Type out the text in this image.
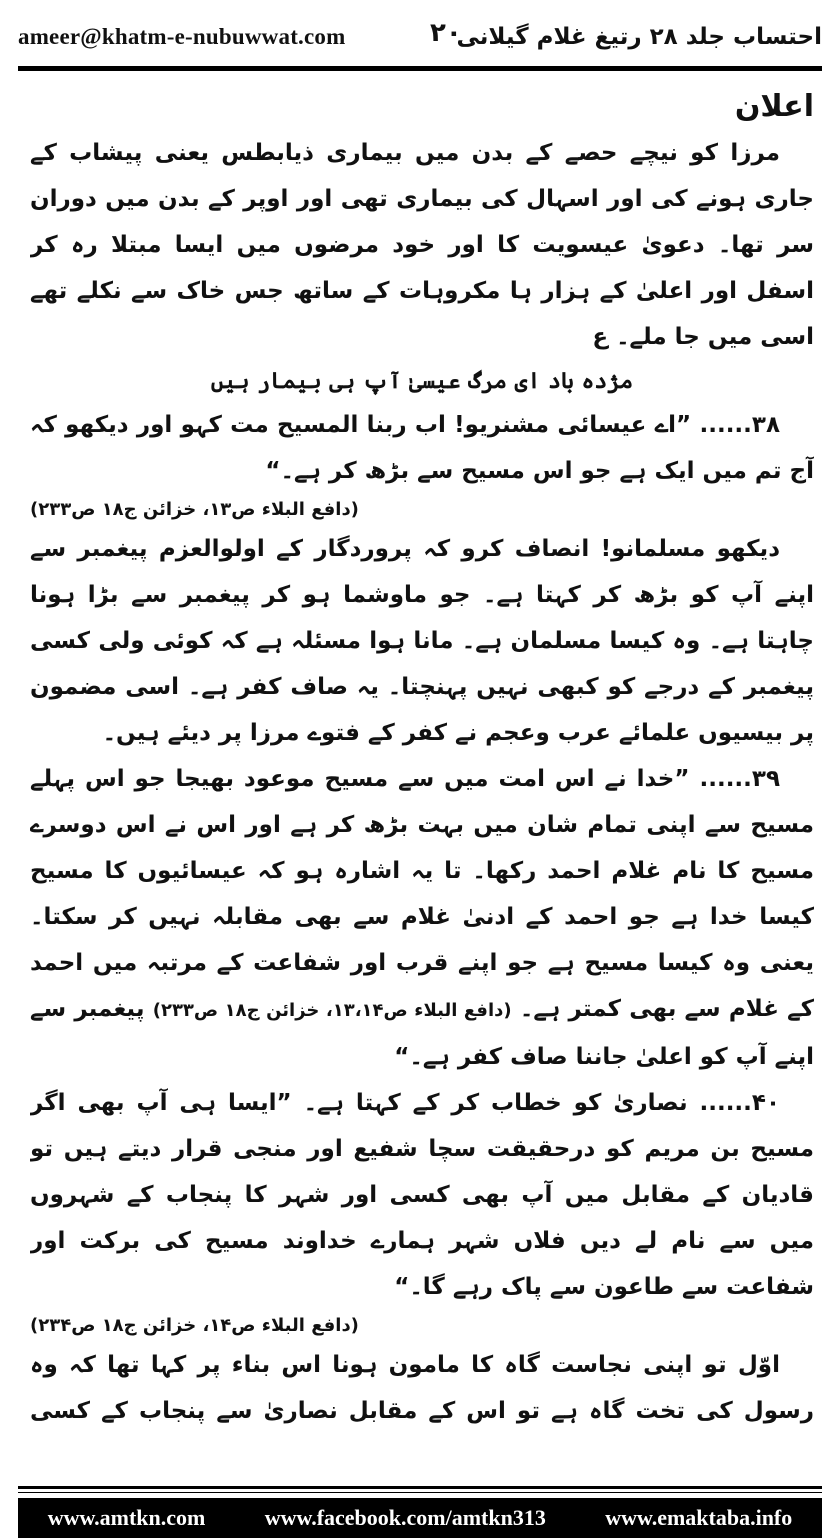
ameer@khatm-e-nubuwwat.com	۲۰
احتساب جلد ۲۸ رتیغ غلام گیلانی

اعلان

مرزا کو نیچے حصے کے بدن میں بیماری ذیابطس یعنی پیشاب کے جاری ہونے کی اور اسہال کی بیماری تھی اور اوپر کے بدن میں دوران سر تھا۔ دعویٰ عیسویت کا اور خود مرضوں میں ایسا مبتلا رہ کر اسفل اور اعلیٰ کے ہزار ہا مکروہات کے ساتھ جس خاک سے نکلے تھے اسی میں جا ملے۔ ع

مژدہ باد ای مرگ عیسیٰ آپ ہی بیمار ہیں

۳۸...... ”اے عیسائی مشنریو! اب ربنا المسیح مت کہو اور دیکھو کہ آج تم میں ایک ہے جو اس مسیح سے بڑھ کر ہے۔“
(دافع البلاء ص۱۳، خزائن ج۱۸ ص۲۳۳)

دیکھو مسلمانو! انصاف کرو کہ پروردگار کے اولوالعزم پیغمبر سے اپنے آپ کو بڑھ کر کہتا ہے۔ جو ماوشما ہو کر پیغمبر سے بڑا ہونا چاہتا ہے۔ وہ کیسا مسلمان ہے۔ مانا ہوا مسئلہ ہے کہ کوئی ولی کسی پیغمبر کے درجے کو کبھی نہیں پہنچتا۔ یہ صاف کفر ہے۔ اسی مضمون پر بیسیوں علمائے عرب وعجم نے کفر کے فتوے مرزا پر دیئے ہیں۔

۳۹...... ”خدا نے اس امت میں سے مسیح موعود بھیجا جو اس پہلے مسیح سے اپنی تمام شان میں بہت بڑھ کر ہے اور اس نے اس دوسرے مسیح کا نام غلام احمد رکھا۔ تا یہ اشارہ ہو کہ عیسائیوں کا مسیح کیسا خدا ہے جو احمد کے ادنیٰ غلام سے بھی مقابلہ نہیں کر سکتا۔ یعنی وہ کیسا مسیح ہے جو اپنے قرب اور شفاعت کے مرتبہ میں احمد کے غلام سے بھی کمتر ہے۔ (دافع البلاء ص۱۳،۱۴، خزائن ج۱۸ ص۲۳۳) پیغمبر سے اپنے آپ کو اعلیٰ جاننا صاف کفر ہے۔“

۴۰...... نصاریٰ کو خطاب کر کے کہتا ہے۔ ”ایسا ہی آپ بھی اگر مسیح بن مریم کو درحقیقت سچا شفیع اور منجی قرار دیتے ہیں تو قادیان کے مقابل میں آپ بھی کسی اور شہر کا پنجاب کے شہروں میں سے نام لے دیں فلاں شہر ہمارے خداوند مسیح کی برکت اور شفاعت سے طاعون سے پاک رہے گا۔“
(دافع البلاء ص۱۴، خزائن ج۱۸ ص۲۳۴)

اوّل تو اپنی نجاست گاہ کا مامون ہونا اس بناء پر کہا تھا کہ وہ رسول کی تخت گاہ ہے تو اس کے مقابل نصاریٰ سے پنجاب کے کسی

www.amtkn.com	www.facebook.com/amtkn313	www.emaktaba.info
